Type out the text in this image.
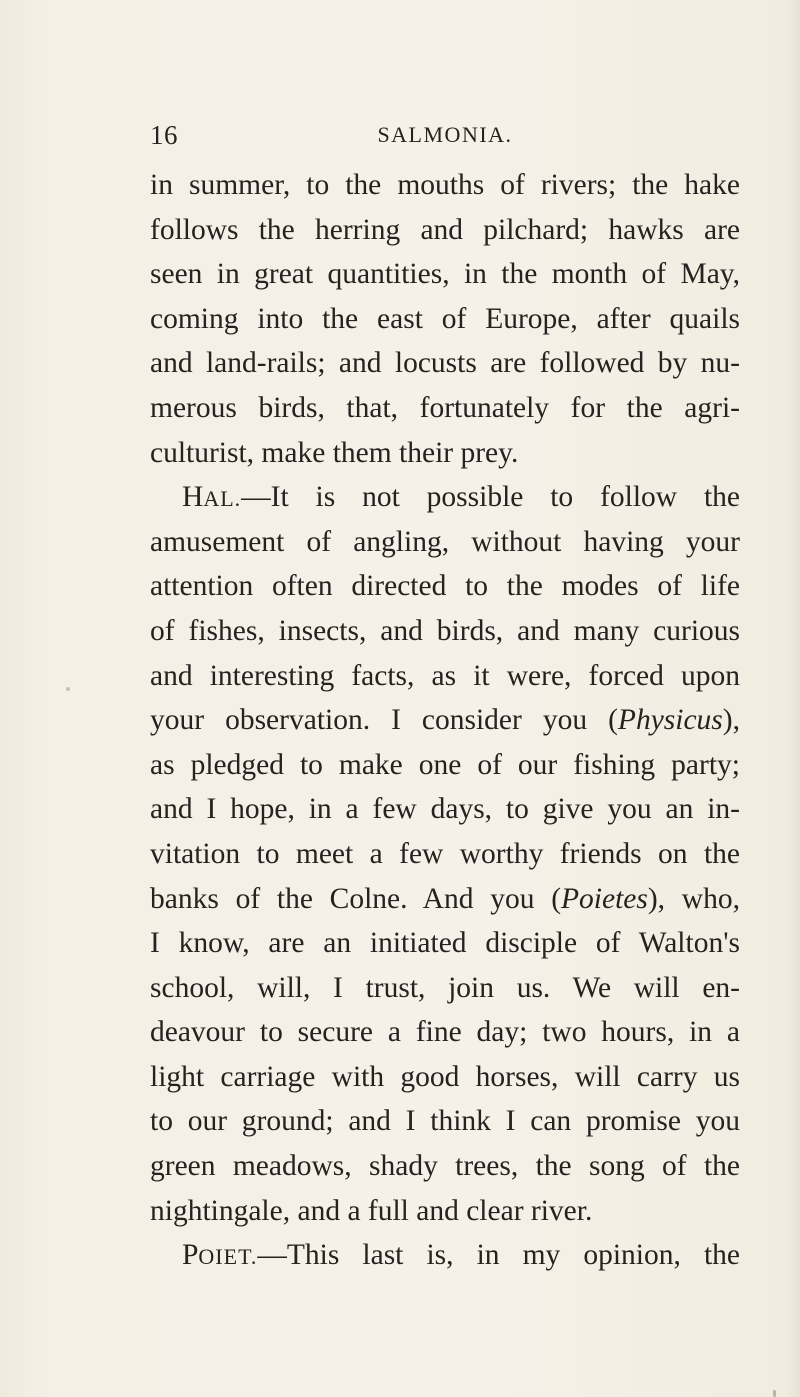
16	SALMONIA.
in summer, to the mouths of rivers; the hake
follows the herring and pilchard; hawks are
seen in great quantities, in the month of May,
coming into the east of Europe, after quails
and land-rails; and locusts are followed by nu-
merous birds, that, fortunately for the agri-
culturist, make them their prey.
HAL.—It is not possible to follow the
amusement of angling, without having your
attention often directed to the modes of life
of fishes, insects, and birds, and many curious
and interesting facts, as it were, forced upon
your observation. I consider you (Physicus),
as pledged to make one of our fishing party;
and I hope, in a few days, to give you an in-
vitation to meet a few worthy friends on the
banks of the Colne. And you (Poietes), who,
I know, are an initiated disciple of Walton's
school, will, I trust, join us. We will en-
deavour to secure a fine day; two hours, in a
light carriage with good horses, will carry us
to our ground; and I think I can promise you
green meadows, shady trees, the song of the
nightingale, and a full and clear river.
POIET.—This last is, in my opinion, the
